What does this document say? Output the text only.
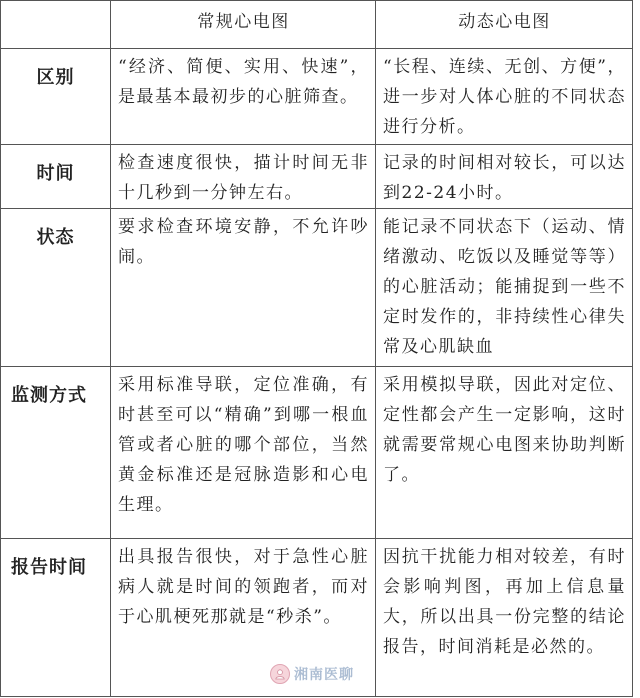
	常规心电图	动态心电图
区别	“经济、简便、实用、快速”，是最基本最初步的心脏筛查。	“长程、连续、无创、方便”，进一步对人体心脏的不同状态进行分析。
时间	检查速度很快，描计时间无非十几秒到一分钟左右。	记录的时间相对较长，可以达到22-24小时。
状态	要求检查环境安静，不允许吵闹。	能记录不同状态下（运动、情绪激动、吃饭以及睡觉等等）的心脏活动；能捕捉到一些不定时发作的，非持续性心律失常及心肌缺血
监测方式	采用标准导联，定位准确，有时甚至可以“精确”到哪一根血管或者心脏的哪个部位，当然黄金标准还是冠脉造影和心电生理。	采用模拟导联，因此对定位、定性都会产生一定影响，这时就需要常规心电图来协助判断了。
报告时间	出具报告很快，对于急性心脏病人就是时间的领跑者，而对于心肌梗死那就是“秒杀”。	因抗干扰能力相对较差，有时会影响判图，再加上信息量大，所以出具一份完整的结论报告，时间消耗是必然的。
湘南医聊
